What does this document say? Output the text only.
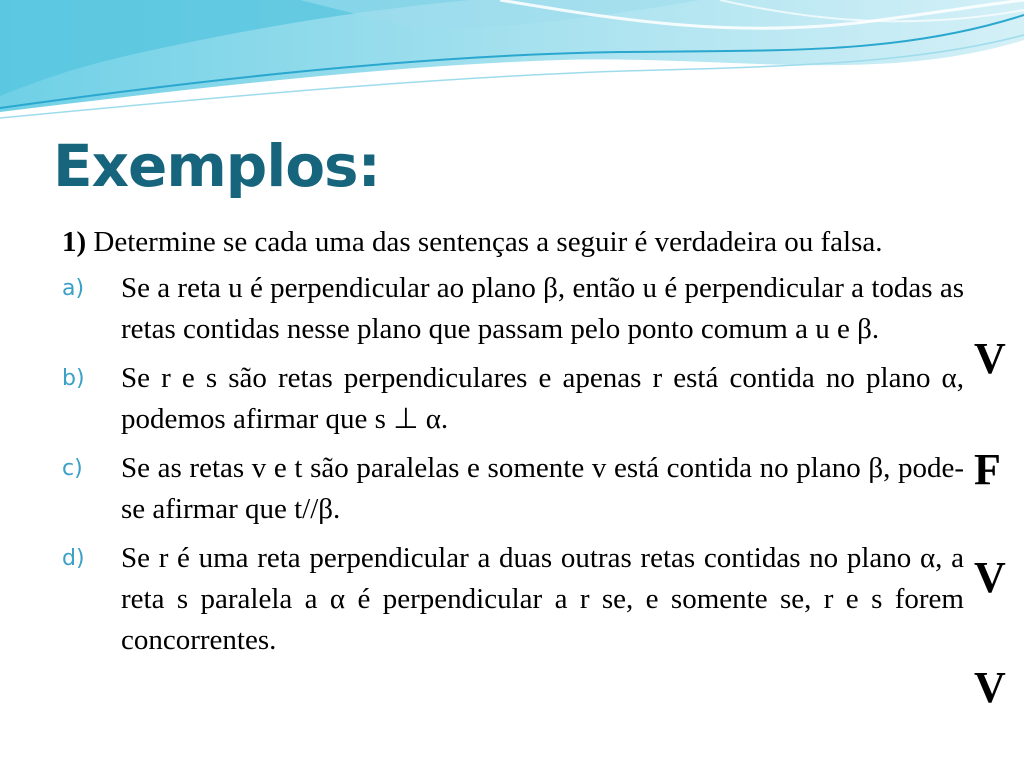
Exemplos:

1) Determine se cada uma das sentenças a seguir é verdadeira ou falsa.

a) Se a reta u é perpendicular ao plano β, então u é perpendicular a todas as retas contidas nesse plano que passam pelo ponto comum a u e β.

b) Se r e s são retas perpendiculares e apenas r está contida no plano α, podemos afirmar que s ⊥ α.

c) Se as retas v e t são paralelas e somente v está contida no plano β, pode-se afirmar que t//β.

d) Se r é uma reta perpendicular a duas outras retas contidas no plano α, a reta s paralela a α é perpendicular a r se, e somente se, r e s forem concorrentes.

V
F
V
V
